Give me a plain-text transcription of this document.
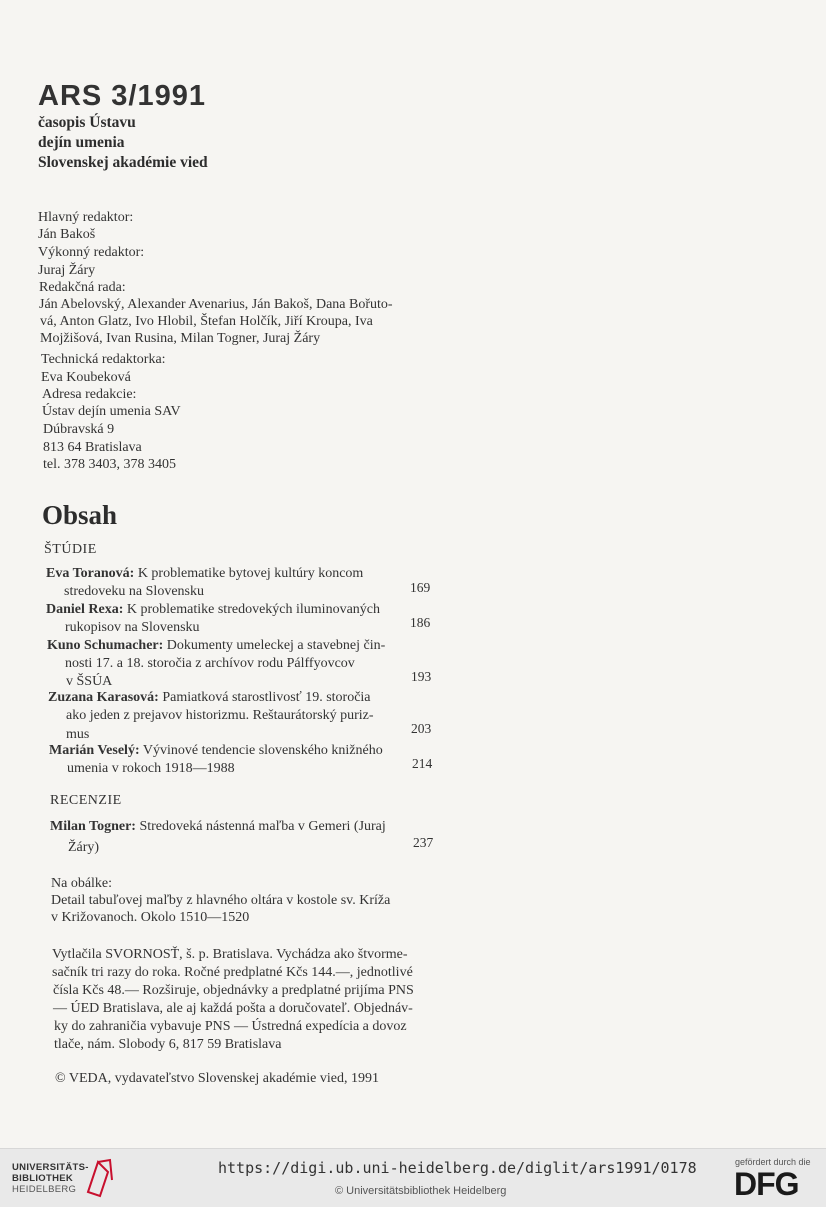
ARS 3/1991
časopis Ústavu
dejín umenia
Slovenskej akadémie vied
Hlavný redaktor:
Ján Bakoš
Výkonný redaktor:
Juraj Žáry
Redakčná rada:
Ján Abelovský, Alexander Avenarius, Ján Bakoš, Dana Bořuto-
vá, Anton Glatz, Ivo Hlobil, Štefan Holčík, Jiří Kroupa, Iva
Mojžišová, Ivan Rusina, Milan Togner, Juraj Žáry
Technická redaktorka:
Eva Koubeková
Adresa redakcie:
Ústav dejín umenia SAV
Dúbravská 9
813 64 Bratislava
tel. 378 3403, 378 3405
Obsah
ŠTÚDIE
Eva Toranová: K problematike bytovej kultúry koncom
stredoveku na Slovensku	169
Daniel Rexa: K problematike stredovekých iluminovaných
rukopisov na Slovensku	186
Kuno Schumacher: Dokumenty umeleckej a stavebnej čin-
nosti 17. a 18. storočia z archívov rodu Pálffyovcov
v ŠSÚA	193
Zuzana Karasová: Pamiatková starostlivosť 19. storočia
ako jeden z prejavov historizmu. Reštaurátorský puriz-
mus	203
Marián Veselý: Vývinové tendencie slovenského knižného
umenia v rokoch 1918—1988	214
RECENZIE
Milan Togner: Stredoveká nástenná maľba v Gemeri (Juraj
Žáry)	237
Na obálke:
Detail tabuľovej maľby z hlavného oltára v kostole sv. Kríža
v Križovanoch. Okolo 1510—1520
Vytlačila SVORNOSŤ, š. p. Bratislava. Vychádza ako štvorme-
sačník tri razy do roka. Ročné predplatné Kčs 144.—, jednotlivé
čísla Kčs 48.— Rozširuje, objednávky a predplatné prijíma PNS
— ÚED Bratislava, ale aj každá pošta a doručovateľ. Objednáv-
ky do zahraničia vybavuje PNS — Ústredná expedícia a dovoz
tlače, nám. Slobody 6, 817 59 Bratislava
© VEDA, vydavateľstvo Slovenskej akadémie vied, 1991
UNIVERSITÄTS-
BIBLIOTHEK
HEIDELBERG
https://digi.ub.uni-heidelberg.de/diglit/ars1991/0178
© Universitätsbibliothek Heidelberg
gefördert durch die
DFG
